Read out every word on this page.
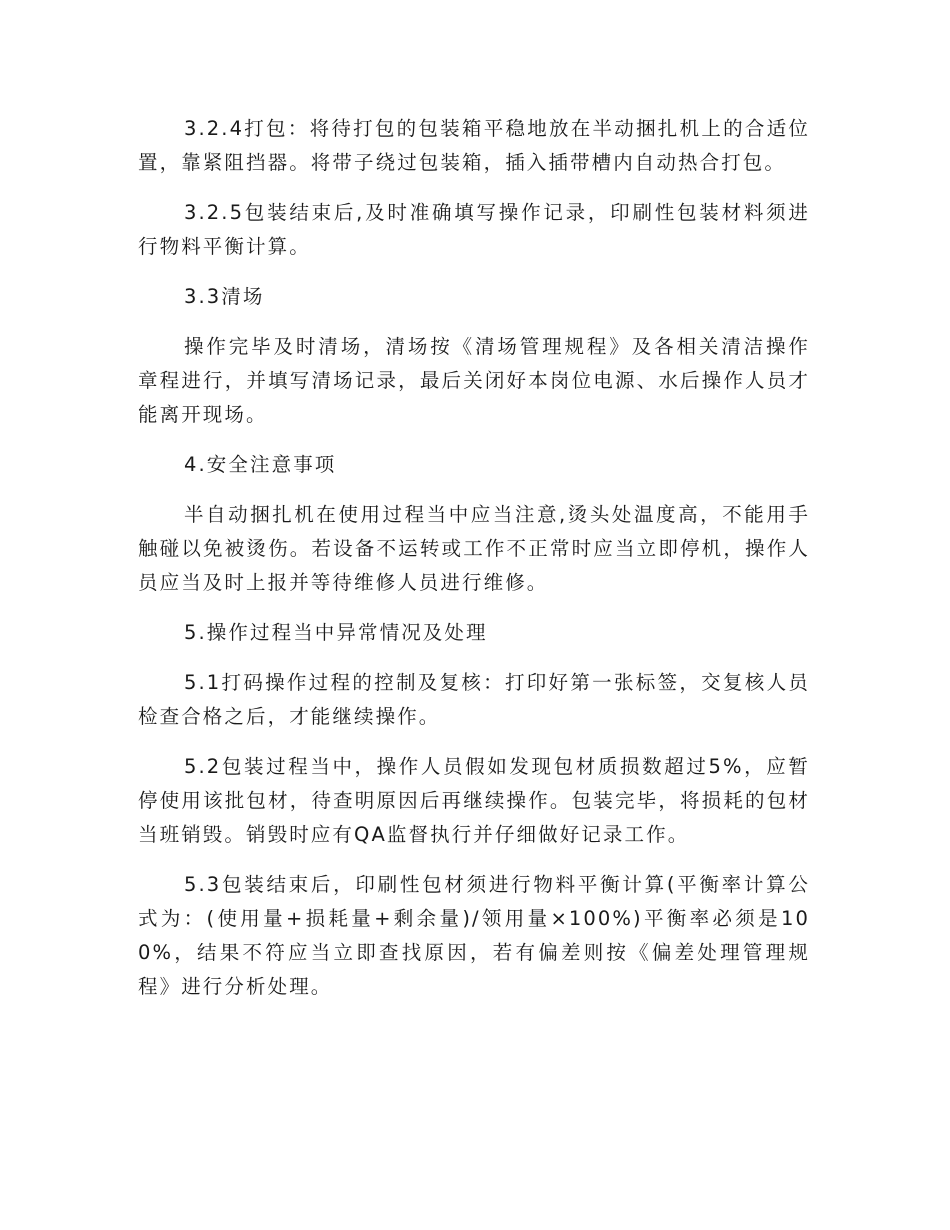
3.2.4打包：将待打包的包装箱平稳地放在半动捆扎机上的合适位置，靠紧阻挡器。将带子绕过包装箱，插入插带槽内自动热合打包。

3.2.5包装结束后,及时准确填写操作记录，印刷性包装材料须进行物料平衡计算。

3.3清场

操作完毕及时清场，清场按《清场管理规程》及各相关清洁操作章程进行，并填写清场记录，最后关闭好本岗位电源、水后操作人员才能离开现场。

4.安全注意事项

半自动捆扎机在使用过程当中应当注意,烫头处温度高，不能用手触碰以免被烫伤。若设备不运转或工作不正常时应当立即停机，操作人员应当及时上报并等待维修人员进行维修。

5.操作过程当中异常情况及处理

5.1打码操作过程的控制及复核：打印好第一张标签，交复核人员检查合格之后，才能继续操作。

5.2包装过程当中，操作人员假如发现包材质损数超过5%，应暂停使用该批包材，待查明原因后再继续操作。包装完毕，将损耗的包材当班销毁。销毁时应有QA监督执行并仔细做好记录工作。

5.3包装结束后，印刷性包材须进行物料平衡计算(平衡率计算公式为：(使用量+损耗量+剩余量)/领用量×100%)平衡率必须是100%，结果不符应当立即查找原因，若有偏差则按《偏差处理管理规程》进行分析处理。
